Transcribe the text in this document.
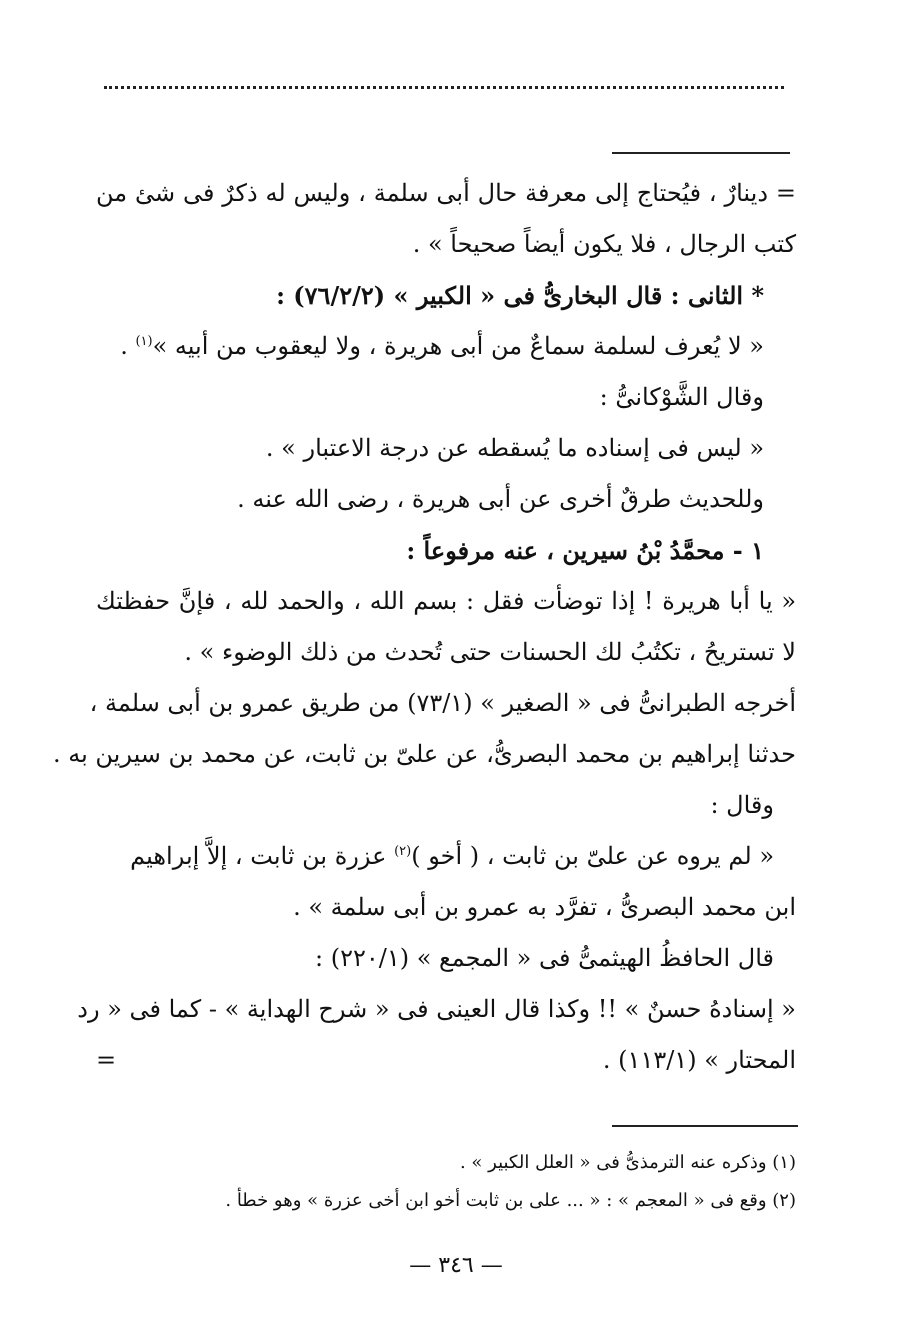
= دينارٌ ، فيُحتاج إلى معرفة حال أبى سلمة ، وليس له ذكرٌ فى شئ من
كتب الرجال ، فلا يكون أيضاً صحيحاً » .
* الثانى : قال البخارىُّ فى « الكبير » (٧٦/٢/٢) :
« لا يُعرف لسلمة سماعٌ من أبى هريرة ، ولا ليعقوب من أبيه »$^{(١)}$ .
وقال الشَّوْكانىُّ :
« ليس فى إسناده ما يُسقطه عن درجة الاعتبار » .
وللحديث طرقٌ أخرى عن أبى هريرة ، رضى الله عنه .
١ - محمَّدُ بْنُ سيرين ، عنه مرفوعاً :
« يا أبا هريرة ! إذا توضأت فقل : بسم الله ، والحمد لله ، فإنَّ حفظتك
لا تستريحُ ، تكتُبُ لك الحسنات حتى تُحدث من ذلك الوضوء » .
أخرجه الطبرانىُّ فى « الصغير » (٧٣/١) من طريق عمرو بن أبى سلمة ،
حدثنا إبراهيم بن محمد البصرىُّ، عن علىّ بن ثابت، عن محمد بن سيرين به .
وقال :
« لم يروه عن علىّ بن ثابت ، ( أخو )$^{(٢)}$ عزرة بن ثابت ، إلاَّ إبراهيم
ابن محمد البصرىُّ ، تفرَّد به عمرو بن أبى سلمة » .
قال الحافظُ الهيثمىُّ فى « المجمع » (٢٢٠/١) :
« إسنادهُ حسنٌ » !! وكذا قال العينى فى « شرح الهداية » - كما فى « رد
المحتار » (١١٣/١) .
=
(١) وذكره عنه الترمذىُّ فى « العلل الكبير » .
(٢) وقع فى « المعجم » : « ... على بن ثابت أخو ابن أخى عزرة » وهو خطأ .
— ٣٤٦ —
